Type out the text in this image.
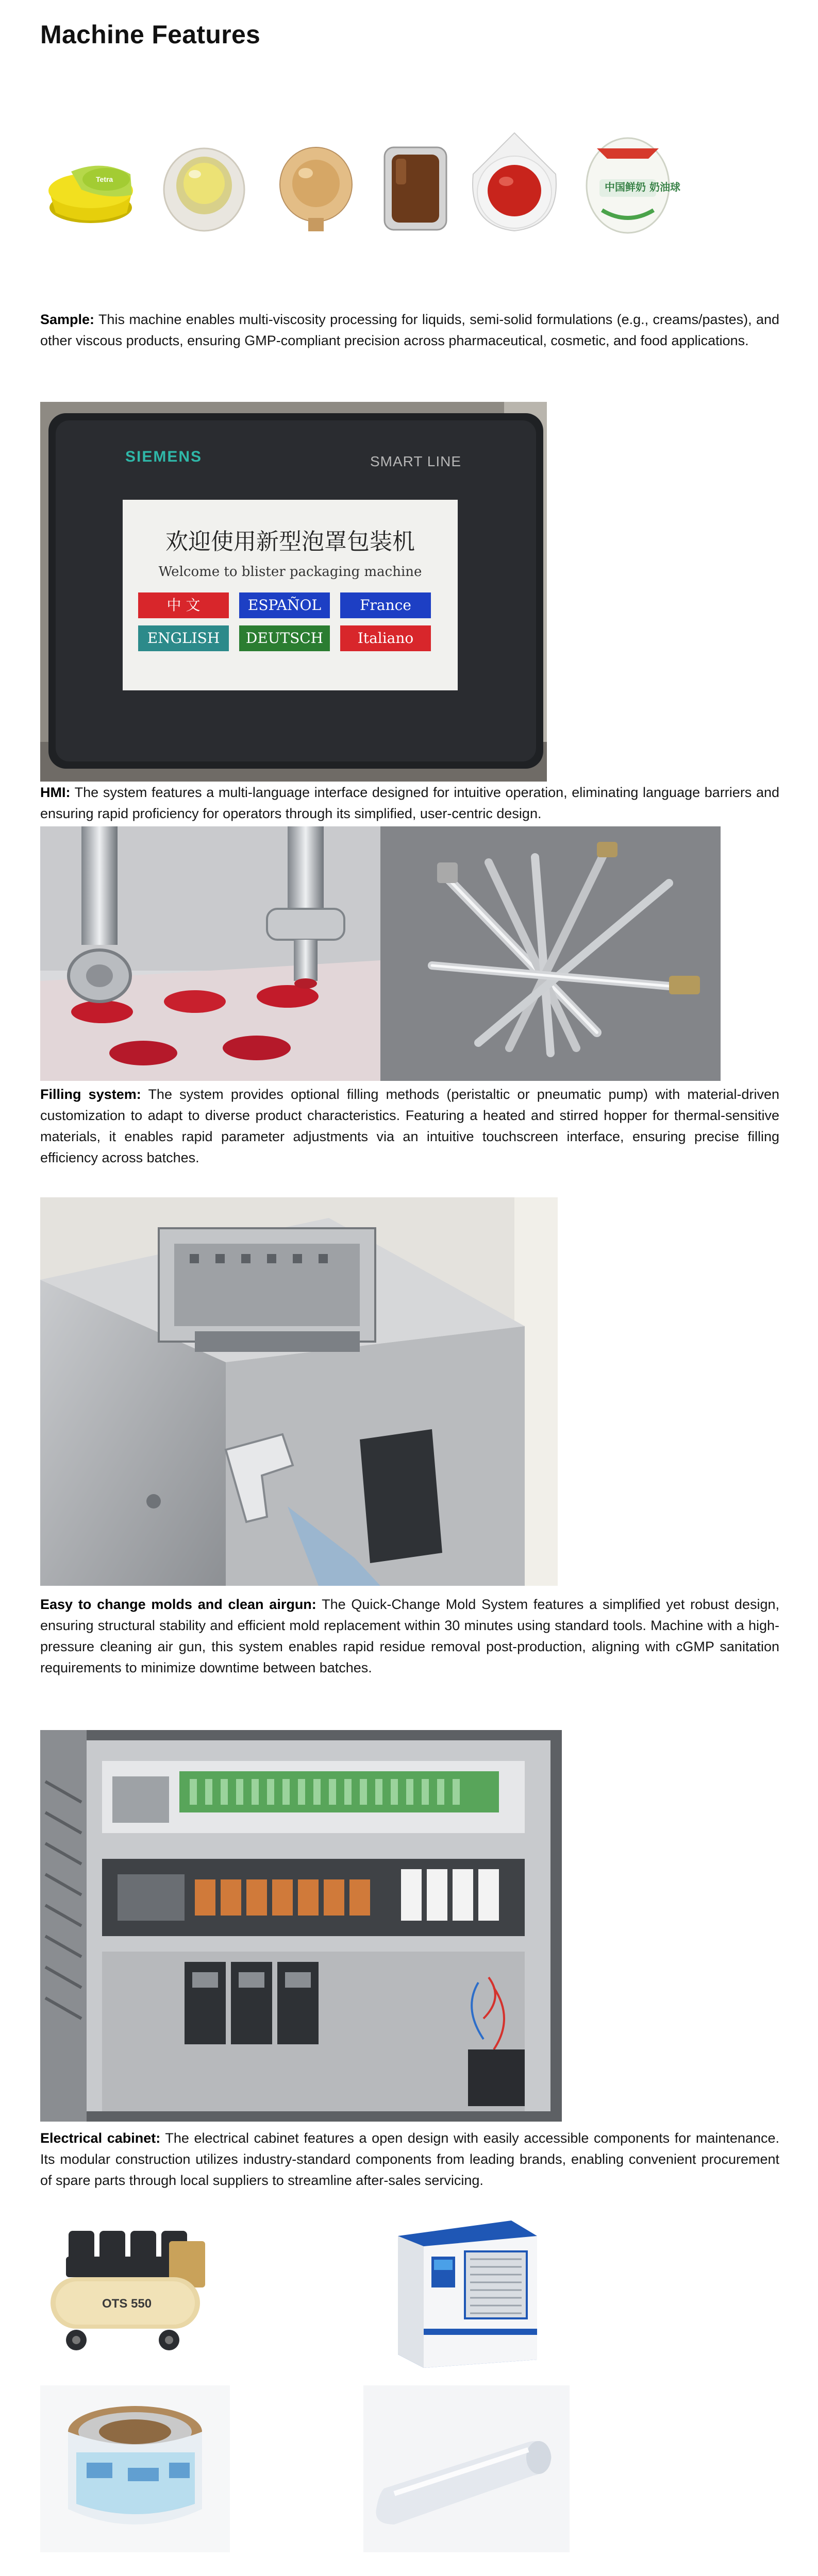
Machine Features
Tetra
中国鲜奶 奶油球
Sample: This machine enables multi-viscosity processing for liquids, semi-solid formulations (e.g., creams/pastes), and other viscous products, ensuring GMP-compliant precision across pharmaceutical, cosmetic, and food applications.
欢迎使用新型泡罩包装机
Welcome to blister packaging machine
SIEMENS	SMART LINE
中 文	ESPAÑOL	France
ENGLISH	DEUTSCH	Italiano
HMI: The system features a multi-language interface designed for intuitive operation, eliminating language barriers and ensuring rapid proficiency for operators through its simplified, user-centric design.
Filling system: The system provides optional filling methods (peristaltic or pneumatic pump) with material-driven customization to adapt to diverse product characteristics. Featuring a heated and stirred hopper for thermal-sensitive materials, it enables rapid parameter adjustments via an intuitive touchscreen interface, ensuring precise filling efficiency across batches.
Easy to change molds and clean airgun: The Quick-Change Mold System features a simplified yet robust design, ensuring structural stability and efficient mold replacement within 30 minutes using standard tools. Machine with a high-pressure cleaning air gun, this system enables rapid residue removal post-production, aligning with cGMP sanitation requirements to minimize downtime between batches.
Electrical cabinet: The electrical cabinet features a open design with easily accessible components for maintenance. Its modular construction utilizes industry-standard components from leading brands, enabling convenient procurement of spare parts through local suppliers to streamline after-sales servicing.
OTS 550
